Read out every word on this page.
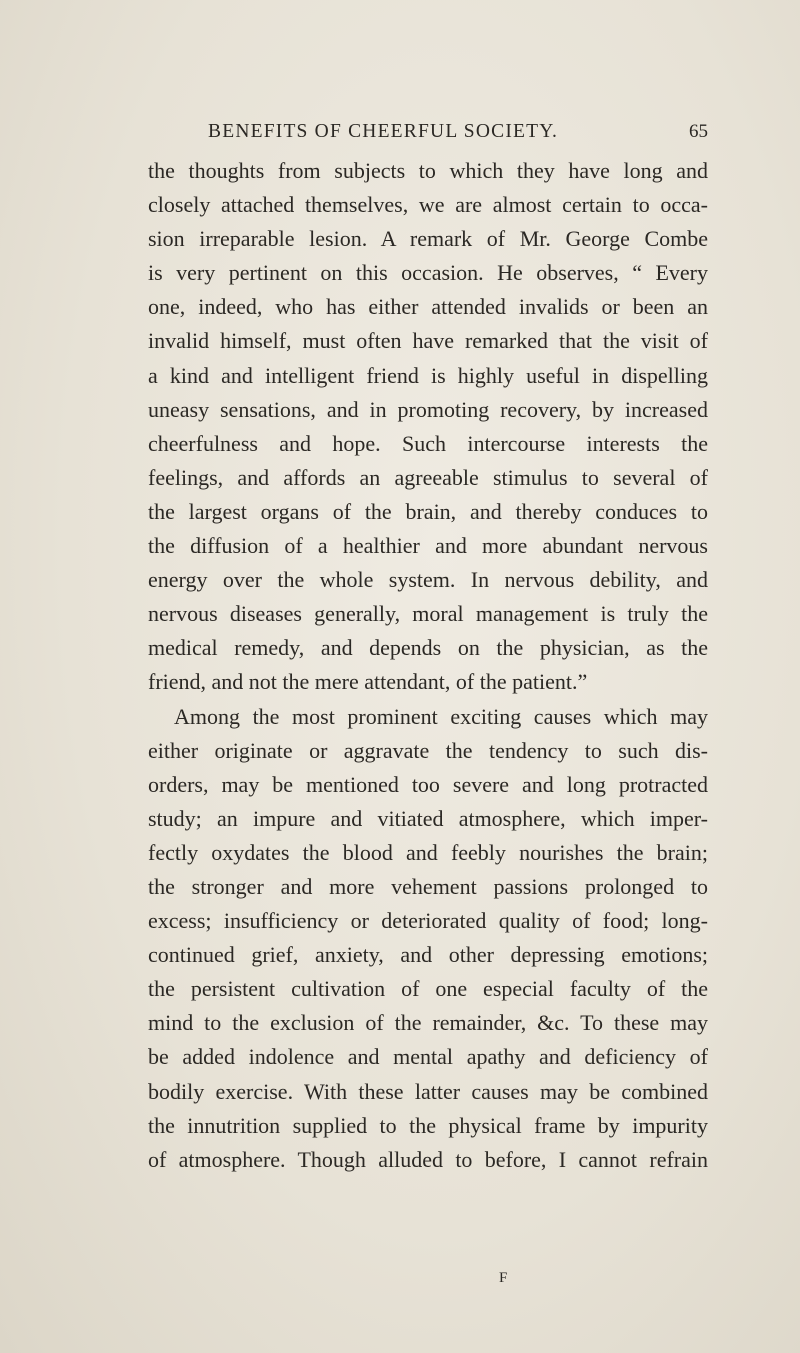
BENEFITS OF CHEERFUL SOCIETY.	65
the thoughts from subjects to which they have long and
closely attached themselves, we are almost certain to occa-
sion irreparable lesion. A remark of Mr. George Combe
is very pertinent on this occasion. He observes, “ Every
one, indeed, who has either attended invalids or been an
invalid himself, must often have remarked that the visit of
a kind and intelligent friend is highly useful in dispelling
uneasy sensations, and in promoting recovery, by increased
cheerfulness and hope. Such intercourse interests the
feelings, and affords an agreeable stimulus to several of
the largest organs of the brain, and thereby conduces to
the diffusion of a healthier and more abundant nervous
energy over the whole system. In nervous debility, and
nervous diseases generally, moral management is truly the
medical remedy, and depends on the physician, as the
friend, and not the mere attendant, of the patient.”
Among the most prominent exciting causes which may
either originate or aggravate the tendency to such dis-
orders, may be mentioned too severe and long protracted
study; an impure and vitiated atmosphere, which imper-
fectly oxydates the blood and feebly nourishes the brain;
the stronger and more vehement passions prolonged to
excess; insufficiency or deteriorated quality of food; long-
continued grief, anxiety, and other depressing emotions;
the persistent cultivation of one especial faculty of the
mind to the exclusion of the remainder, &c. To these may
be added indolence and mental apathy and deficiency of
bodily exercise. With these latter causes may be combined
the innutrition supplied to the physical frame by impurity
of atmosphere. Though alluded to before, I cannot refrain
F
